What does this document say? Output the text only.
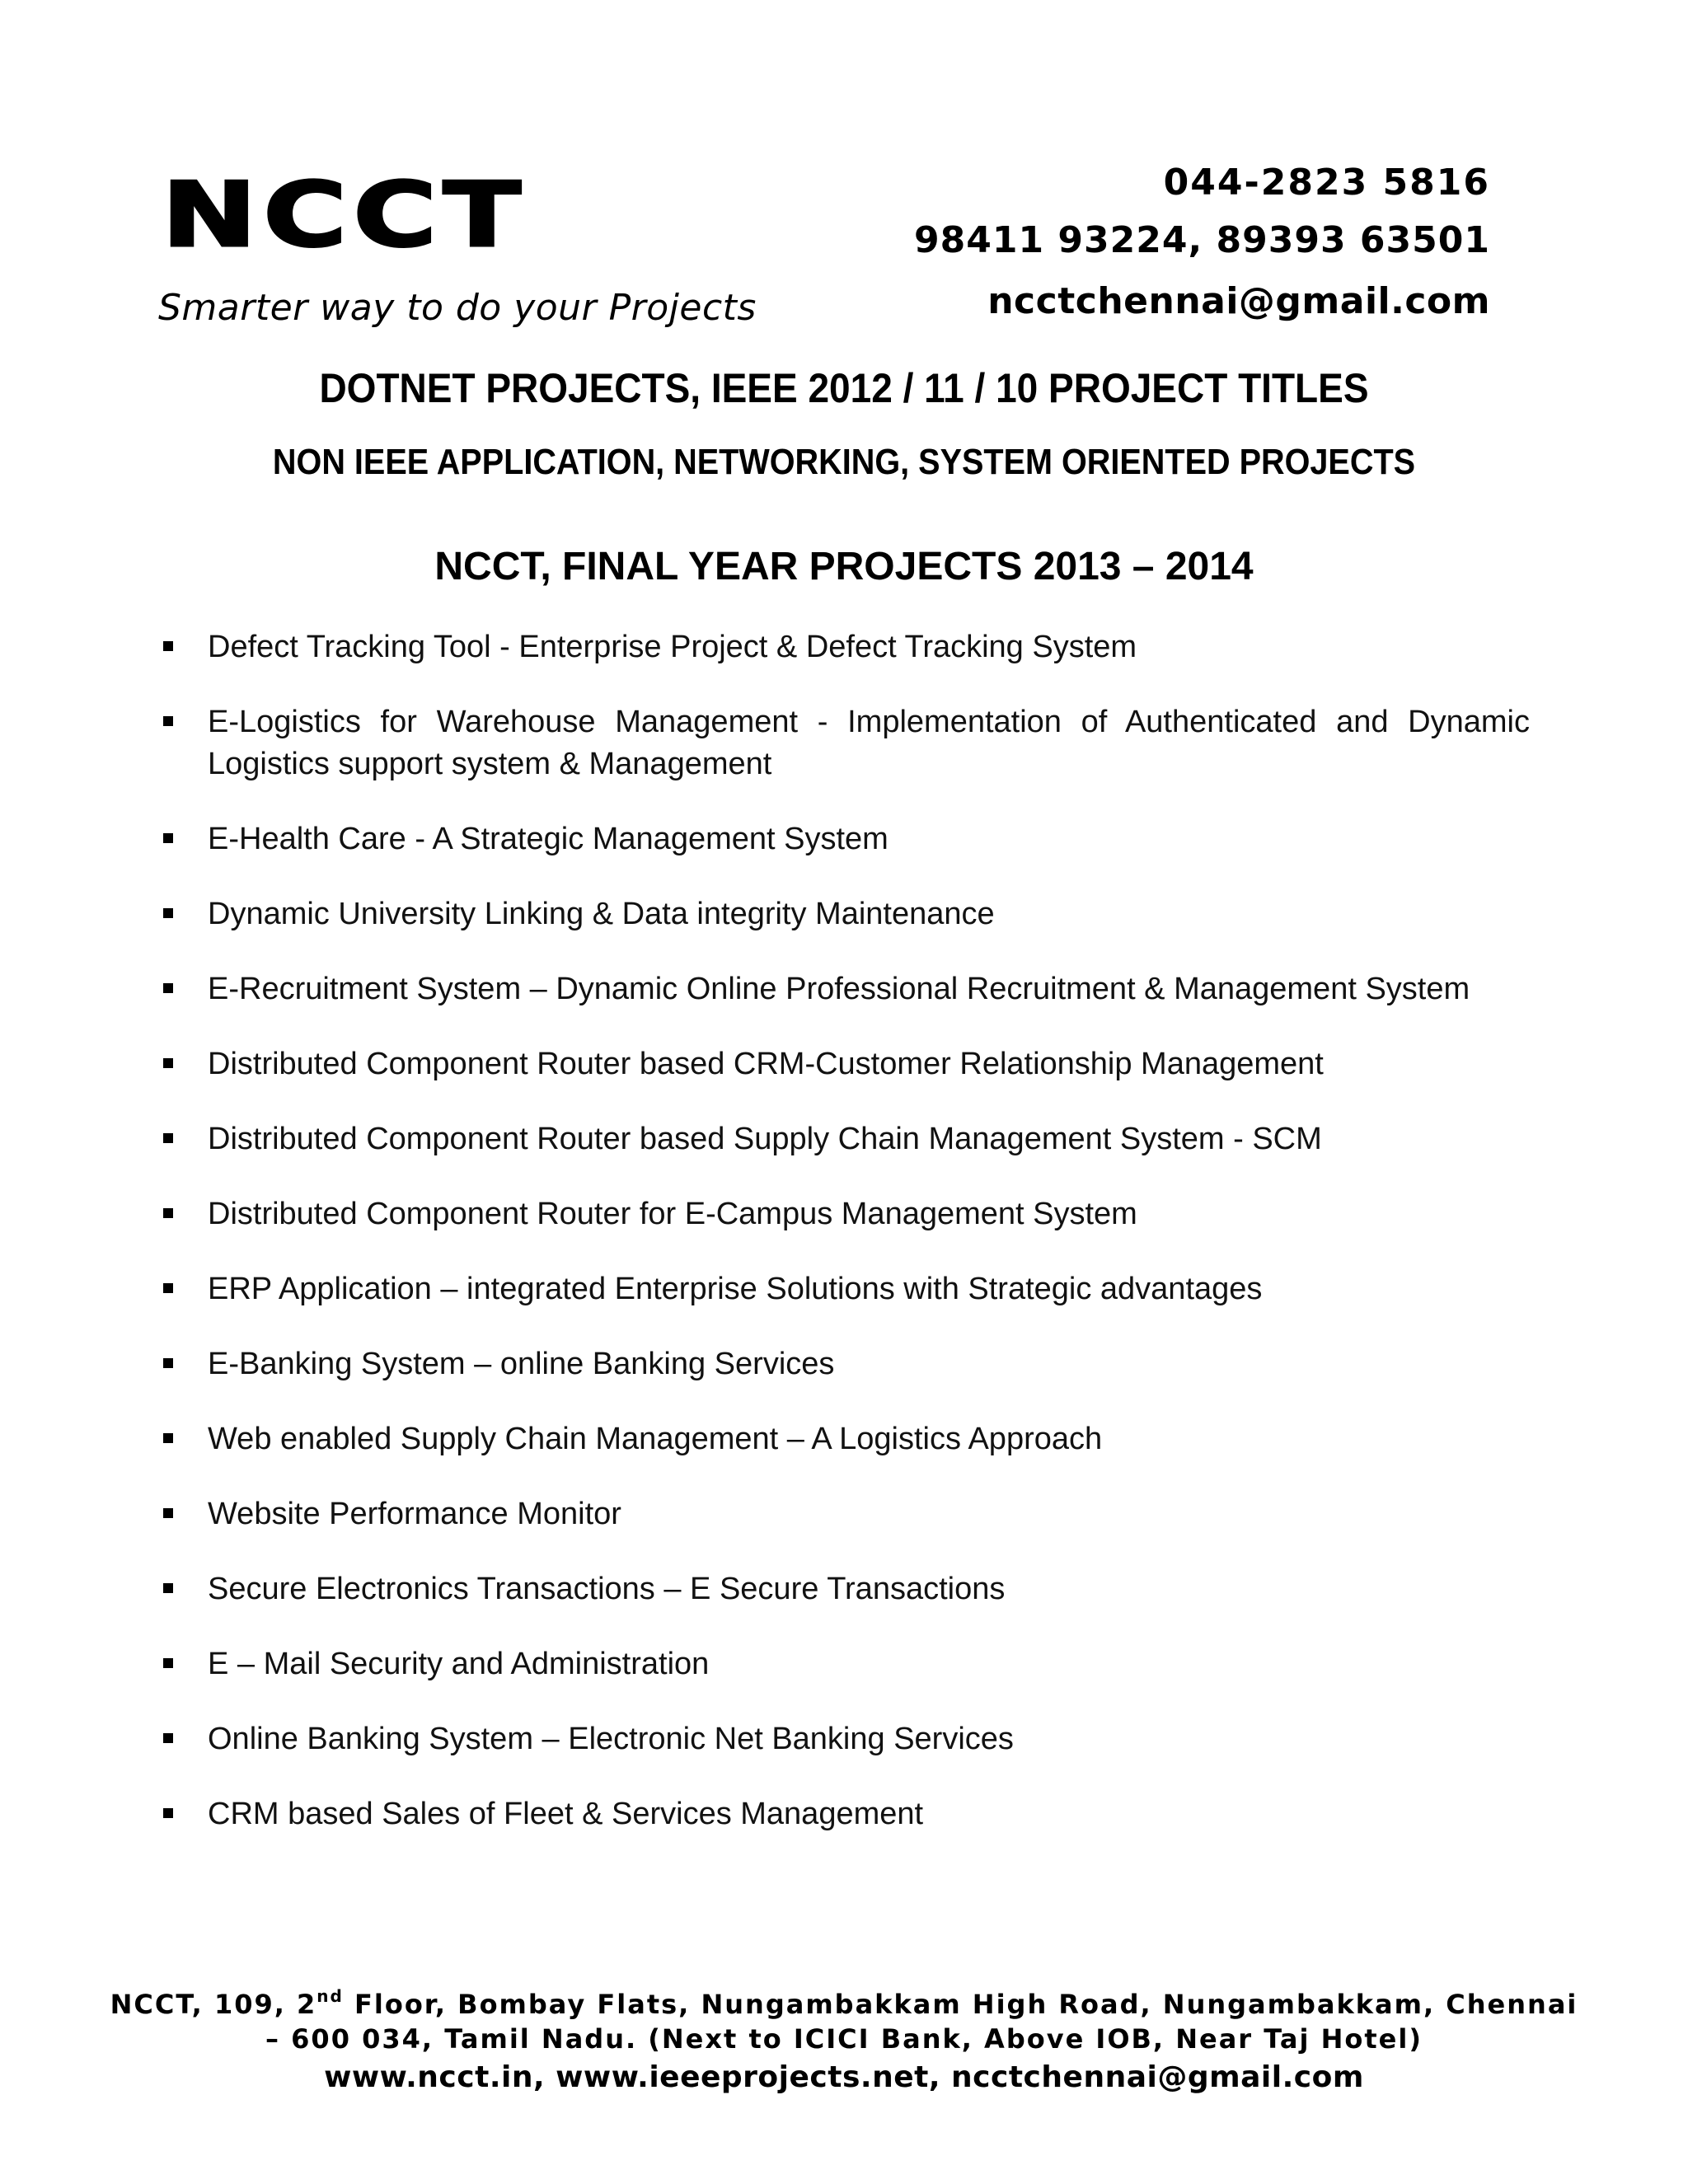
NCCT
Smarter way to do your Projects
044-2823 5816
98411 93224, 89393 63501
ncctchennai@gmail.com
DOTNET PROJECTS, IEEE 2012 / 11 / 10 PROJECT TITLES
NON IEEE APPLICATION, NETWORKING, SYSTEM ORIENTED PROJECTS
NCCT, FINAL YEAR PROJECTS 2013 – 2014
Defect Tracking Tool - Enterprise Project & Defect Tracking System
E-Logistics for Warehouse Management - Implementation of Authenticated and Dynamic Logistics support system & Management
E-Health Care - A Strategic Management System
Dynamic University Linking & Data integrity Maintenance
E-Recruitment System – Dynamic Online Professional Recruitment & Management System
Distributed Component Router based CRM-Customer Relationship Management
Distributed Component Router based Supply Chain Management System - SCM
Distributed Component Router for E-Campus Management System
ERP Application – integrated Enterprise Solutions with Strategic advantages
E-Banking System – online Banking Services
Web enabled Supply Chain Management – A Logistics Approach
Website Performance Monitor
Secure Electronics Transactions – E Secure Transactions
E – Mail Security and Administration
Online Banking System – Electronic Net Banking Services
CRM based Sales of Fleet & Services Management
NCCT, 109, 2nd Floor, Bombay Flats, Nungambakkam High Road, Nungambakkam, Chennai
– 600 034, Tamil Nadu. (Next to ICICI Bank, Above IOB, Near Taj Hotel)
www.ncct.in, www.ieeeprojects.net, ncctchennai@gmail.com
